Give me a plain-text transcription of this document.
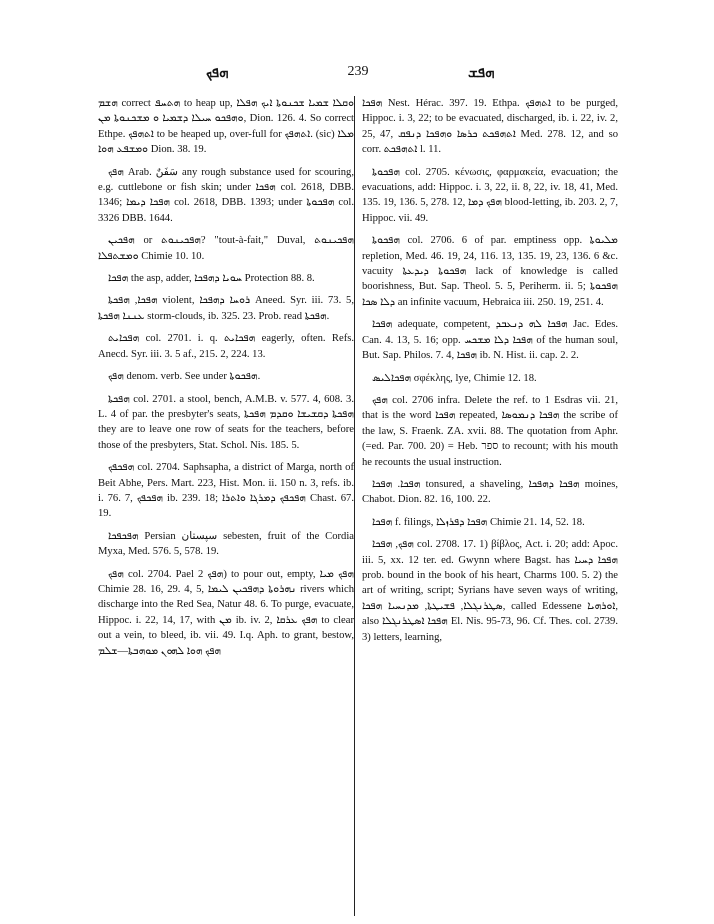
ܗܦܟ	239	ܗܦܫ

ܗܫܡ correct ܗܬܚܦ to heap up, ܘܩܠܐ ܫܡܝܐ ܫܟܢܘܬܐ ܐܝܟ ܗܦܠܐ ܘܗܦܟܘ ܚܝܠܐ ܕܫܡܝܐ ܘ ܡܫܟܢܘܬܐ ܡܢ, Dion. 126. 4. So correct Ethpe. ܐܬܗܦܟ to be heaped up, over-full for ܐܬܗܦܟ. (sic) ܡܠܐ ܘܡܫܦܥ ܗܘܐ Dion. 38. 19.

ܗܦܟ Arab. سَفَنٌ any rough substance used for scouring, e.g. cuttlebone or fish skin; under ܗܦܟܐ col. 2618, DBB. 1346; ܗܦܟܐ ܕܝܡܐ col. 2618, DBB. 1393; under ܗܦܟܘܬܐ col. 3326 DBB. 1644.

ܗܦܟܝܢ or ܗܦܟܝܢܘܬ? "tout-à-fait," Duval, ܗܦܟܝܢܘܬ ܘܡܫܬܦܠܐ Chimie 10. 10.

ܗܦܟܐ the asp, adder, ܚܘܝܐ ܕܗܦܟܐ Protection 88. 8.

ܗܦܟܐ, ܗܦܟܬܐ violent, ܪܘܚܐ ܕܗܦܟܐ Aneed. Syr. iii. 73. 5, ܥܢܢܐ ܗܦܟܬܐ storm-clouds, ib. 325. 23. Prob. read ܗܦܟܬܐ.

ܗܦܟܐܝܬ col. 2701. i. q. ܗܦܟܐܝܬ eagerly, often. Refs. Anecd. Syr. iii. 3. 5 af., 215. 2, 224. 13.

ܗܦܟ denom. verb. See under ܗܦܟܘܬܐ.

ܗܦܟܬܐ col. 2701. a stool, bench, A.M.B. v. 577. 4, 608. 3. L. 4 of par. the presbyter's seats, ܗܦܟܬܐ ܕܩܫܝܫܐ ܘܩܕܡ ܗܦܟܬܐ they are to leave one row of seats for the teachers, before those of the presbyters, Stat. Schol. Nis. 185. 5.

ܗܦܟܦܟ col. 2704. Saphsapha, a district of Marga, north of Beit Abhe, Pers. Mart. 223, Hist. Mon. ii. 150 n. 3, refs. ib. i. 76. 7, ܗܦܟܦܟ ib. 239. 18; ܗܦܟܦܟ ܕܡܪܓܐ ܘܐܬܪܐ Chast. 67. 19.

ܗܦܟܦܟܐ Persian سپستان sebesten, fruit of the Cordia Myxa, Med. 576. 5, 578. 19.

ܗܦܟ col. 2704. Pael ܗܦܟ 2) to pour out, empty, ܗܦܟ ܡܝܐ Chimie 28. 16, 29. 4, 5, ܢܗܪܘܬܐ ܕܗܦܟܝܢ ܠܝܡܐ rivers which discharge into the Red Sea, Natur 48. 6. To purge, evacuate, Hippoc. i. 22, 14, 17, with ܡܢ ib. iv. 2, ܗܦܟ ܥܪܩܐ to clear out a vein, to bleed, ib. vii. 49. I.q. Aph. to grant, bestow, ܗܦܟ ܗܘܐ ܠܗܘܢ ܡܘܗܒܬܐ—ܫܠܡ

ܗܦܟܐ Nest. Hérac. 397. 19. Ethpa. ܐܬܗܦܟ to be purged, Hippoc. i. 3, 22; to be evacuated, discharged, ib. i. 22, iv. 2, 25, 47, ܐܬܗܦܟܬ ܟܪܣܐ ܘܗܦܟܐ ܕܢܦܩ Med. 278. 12, and so corr. ܐܬܗܦܟܬ l. 11.

ܗܦܟܘܬܐ col. 2705. κένωσις, φαρμακεία, evacuation; the evacuations, add: Hippoc. i. 3, 22, ii. 8, 22, iv. 18, 41, Med. 135. 19, 136. 5, 278. 12, ܗܦܟ ܕܡܐ blood-letting, ib. 203. 2, 7, Hippoc. vii. 49.

ܗܦܟܘܬܐ col. 2706. 6 of par. emptiness opp. ܡܠܝܘܬܐ repletion, Med. 46. 19, 24, 116. 13, 135. 19, 23, 136. 6 &c. vacuity ܗܦܟܘܬܐ ܕܝܕܥܬܐ lack of knowledge is called boorishness, But. Sap. Theol. 5. 5, Periherm. ii. 5; ܗܦܟܘܬܐ ܕܠܐ ܣܟܐ an infinite vacuum, Hebraica iii. 250. 19, 251. 4.

ܗܦܟܐ adequate, competent, ܗܦܟܐ ܠܗ ܕܢܥܒܕ Jac. Edes. Can. 4. 13, 5. 16; opp. ܗܦܟܐ ܕܠܐ ܡܫܟܚ of the human soul, But. Sap. Philos. 7. 4, ܗܦܟܐ ib. N. Hist. ii. cap. 2. 2.

ܗܦܟܐܠܝܣ σφέκλης, lye, Chimie 12. 18.

ܗܦܟ col. 2706 infra. Delete the ref. to 1 Esdras vii. 21, that is the word ܗܦܟܐ repeated, ܗܦܟܐ ܕܢܡܘܣܐ the scribe of the law, S. Fraenk. ZA. xvii. 88. The quotation from Aphr. (=ed. Par. 700. 20) = Heb. ספר to recount; with his mouth he recounts the usual instruction.

ܗܦܟܐ. ܗܦܟܐ tonsured, a shaveling, ܗܦܟܐ ܕܗܦܟܐ moines, Chabot. Dion. 82. 16, 100. 22.

ܗܦܟܐ f. filings, ܗܦܟܐ ܕܦܪܙܠܐ Chimie 21. 14, 52. 18.

ܗܦܟ, ܗܦܟܐ col. 2708. 17. 1) βίβλος, Act. i. 20; add: Apoc. iii. 5, xx. 12 ter. ed. Gwynn where Bagst. has ܗܦܟܐ ܕܚܝܐ prob. bound in the book of his heart, Charms 100. 5. 2) the art of writing, script; Syrians have seven ways of writing, ܣܛܪܢܓܠܐ, ܦܫܝܛܬܐ, ܡܕܢܚܝܐ ܗܦܟܐ, called Edessene ܐܘܪܗܝܐ, also ܗܦܟܐ ܐܣܛܪܢܓܠܐ El. Nis. 95-73, 96. Cf. Thes. col. 2739. 3) letters, learning,
